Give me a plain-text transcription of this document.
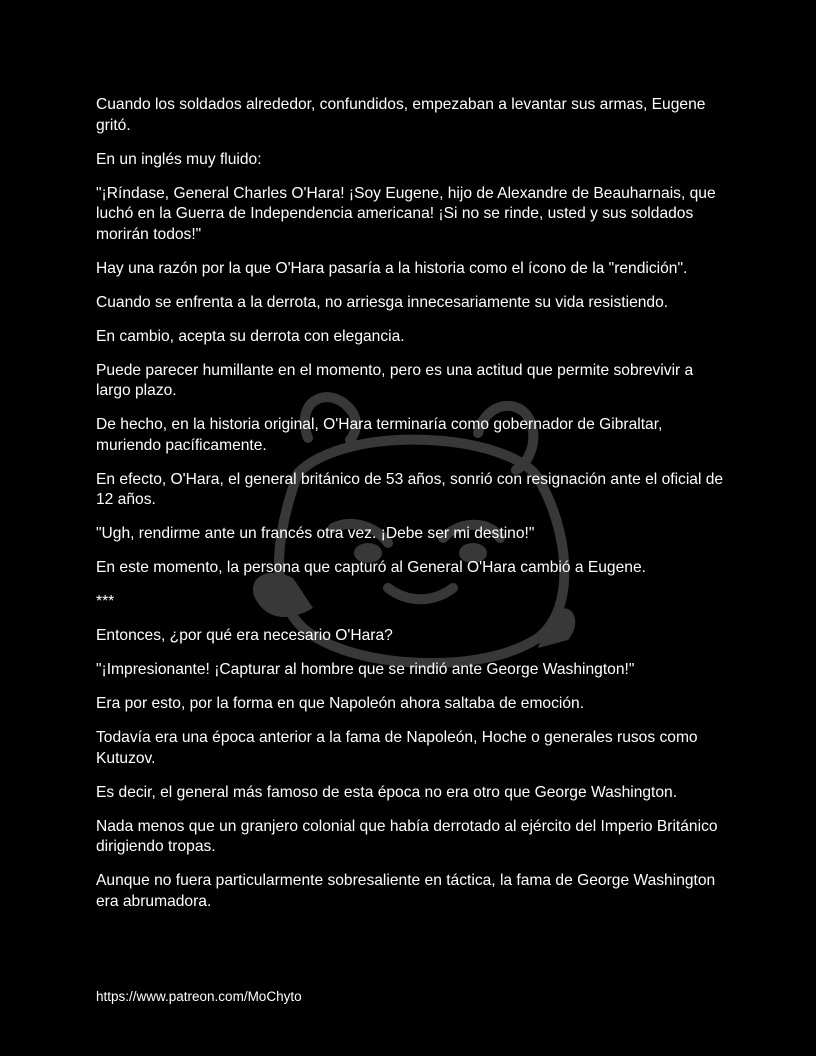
Cuando los soldados alrededor, confundidos, empezaban a levantar sus armas, Eugene gritó.

En un inglés muy fluido:

"¡Ríndase, General Charles O'Hara! ¡Soy Eugene, hijo de Alexandre de Beauharnais, que luchó en la Guerra de Independencia americana! ¡Si no se rinde, usted y sus soldados morirán todos!"

Hay una razón por la que O'Hara pasaría a la historia como el ícono de la "rendición".

Cuando se enfrenta a la derrota, no arriesga innecesariamente su vida resistiendo.

En cambio, acepta su derrota con elegancia.

Puede parecer humillante en el momento, pero es una actitud que permite sobrevivir a largo plazo.

De hecho, en la historia original, O'Hara terminaría como gobernador de Gibraltar, muriendo pacíficamente.

En efecto, O'Hara, el general británico de 53 años, sonrió con resignación ante el oficial de 12 años.

"Ugh, rendirme ante un francés otra vez. ¡Debe ser mi destino!"

En este momento, la persona que capturó al General O'Hara cambió a Eugene.

***

Entonces, ¿por qué era necesario O'Hara?

"¡Impresionante! ¡Capturar al hombre que se rindió ante George Washington!"

Era por esto, por la forma en que Napoleón ahora saltaba de emoción.

Todavía era una época anterior a la fama de Napoleón, Hoche o generales rusos como Kutuzov.

Es decir, el general más famoso de esta época no era otro que George Washington.

Nada menos que un granjero colonial que había derrotado al ejército del Imperio Británico dirigiendo tropas.

Aunque no fuera particularmente sobresaliente en táctica, la fama de George Washington era abrumadora.

https://www.patreon.com/MoChyto
